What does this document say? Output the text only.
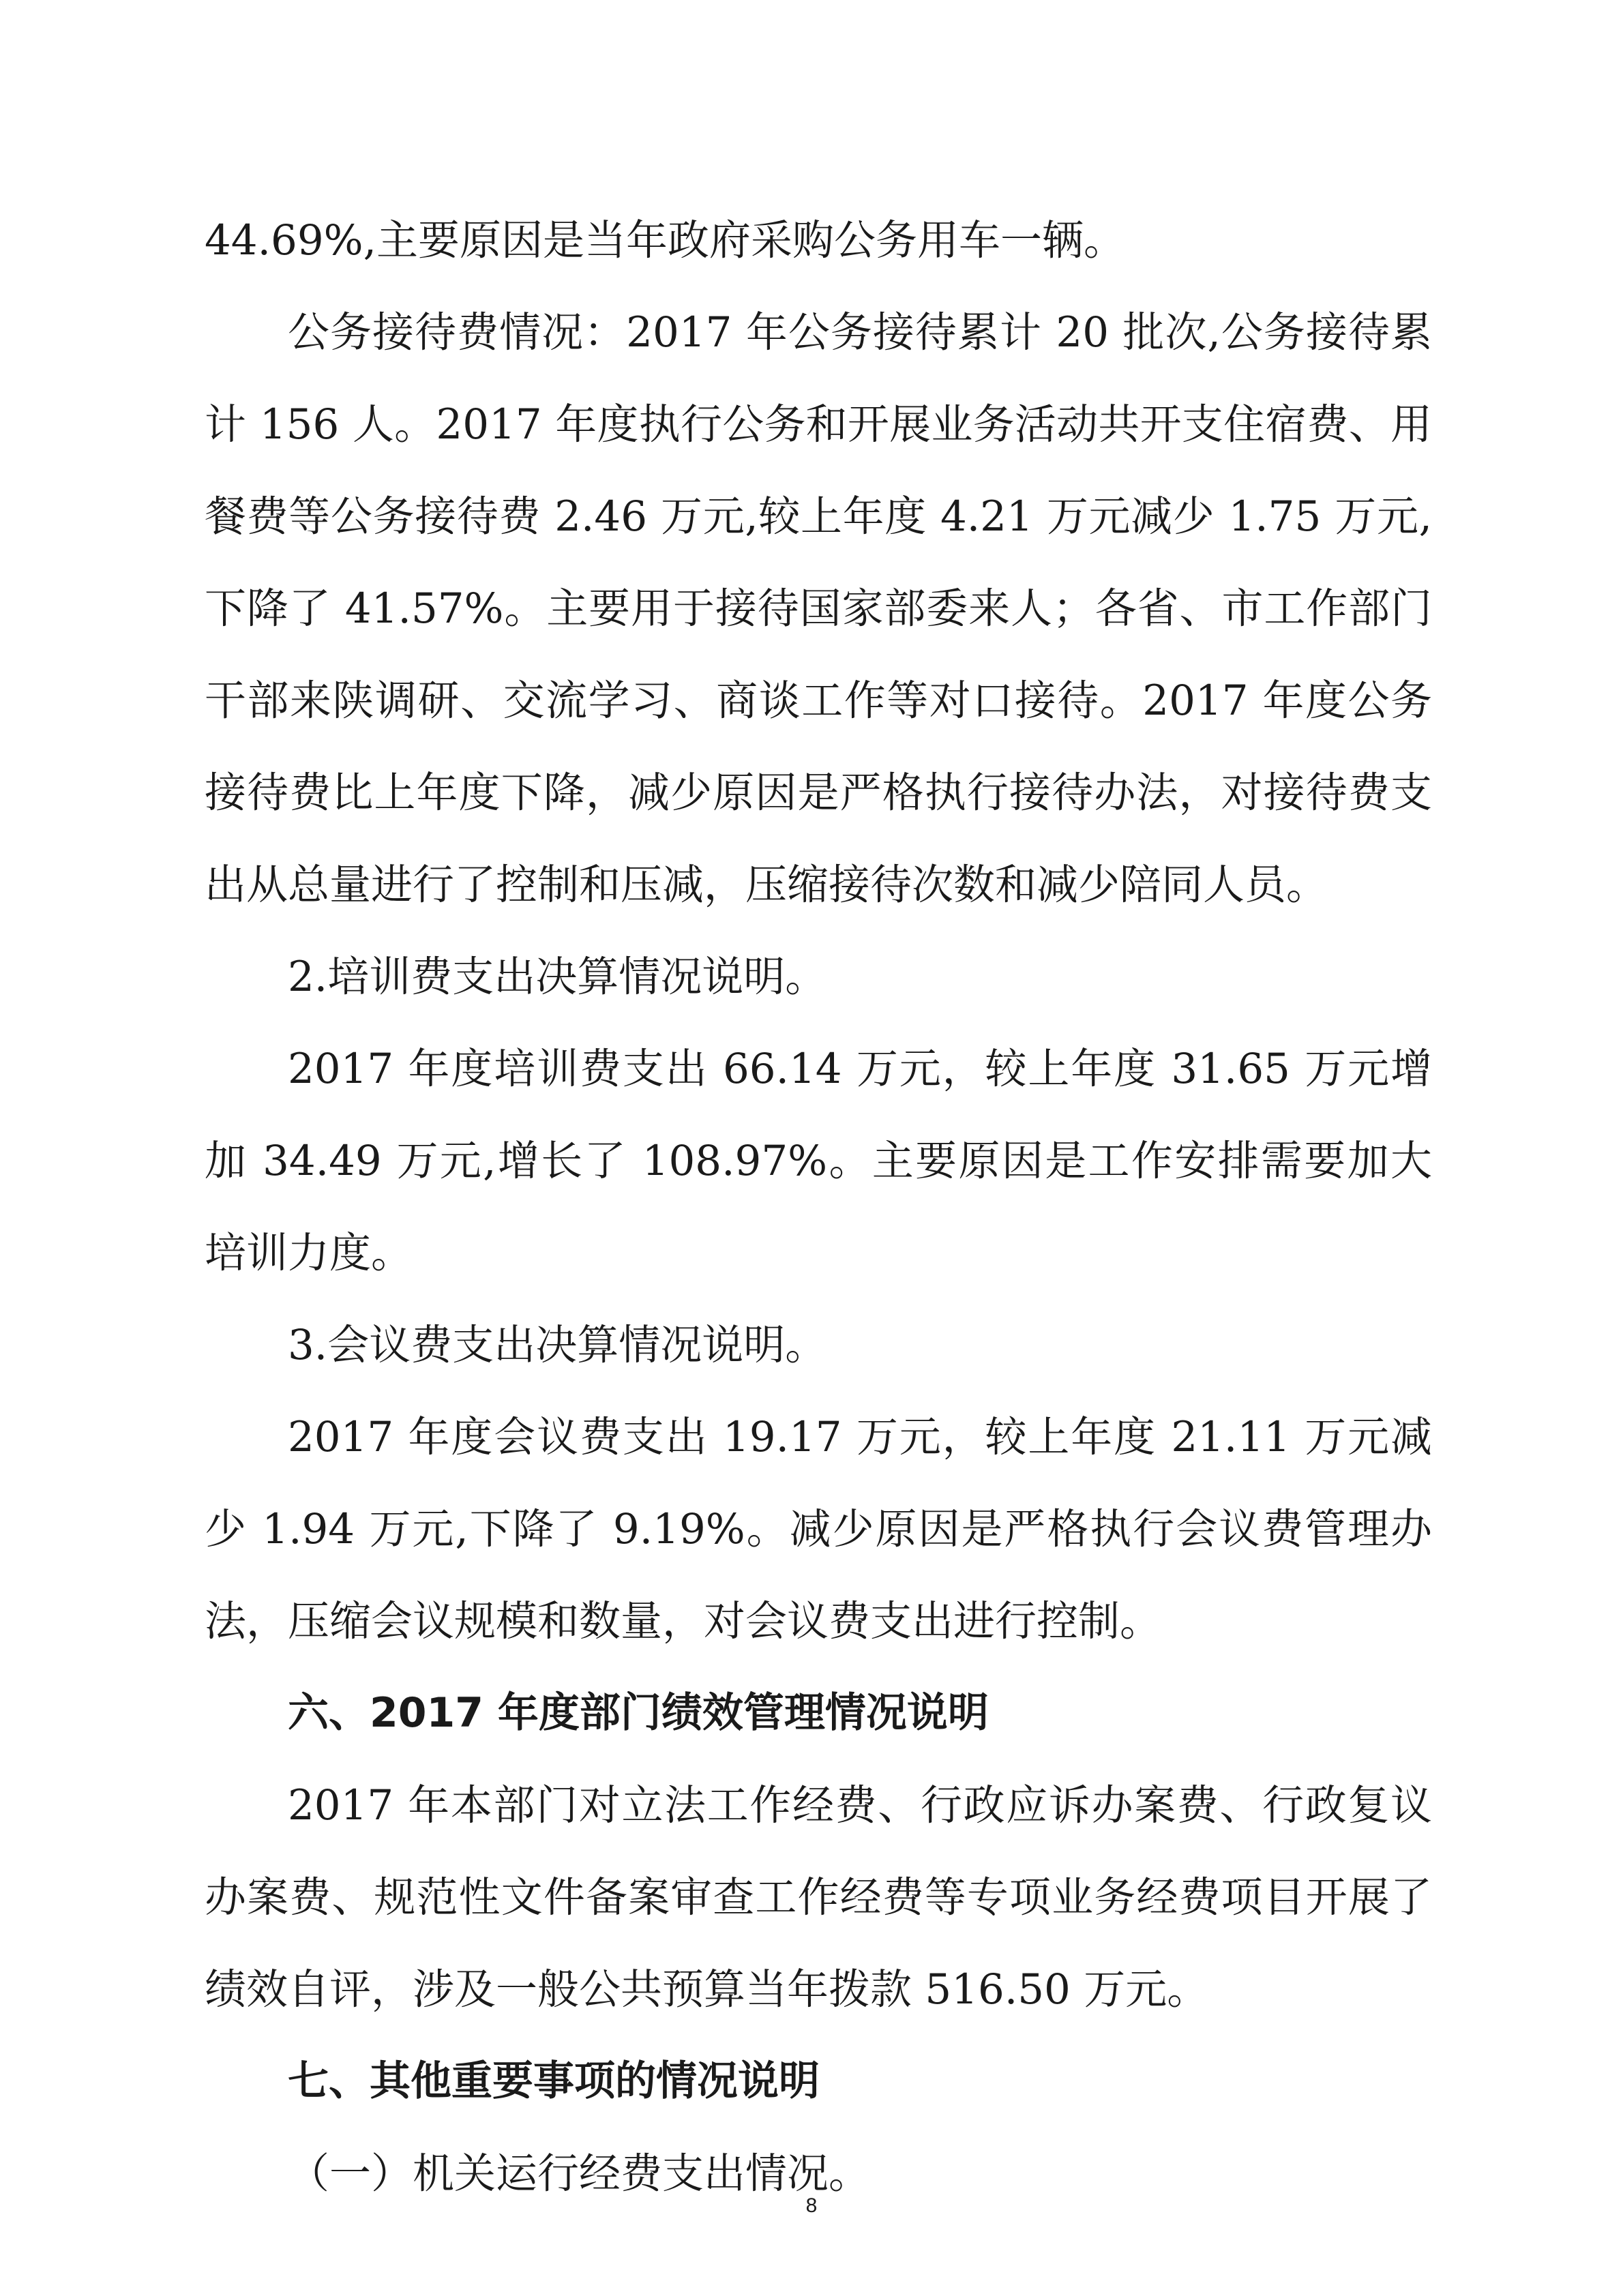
44.69%,主要原因是当年政府采购公务用车一辆。

公务接待费情况：2017 年公务接待累计 20 批次,公务接待累计 156 人。2017 年度执行公务和开展业务活动共开支住宿费、用餐费等公务接待费 2.46 万元,较上年度 4.21 万元减少 1.75 万元,下降了 41.57%。主要用于接待国家部委来人；各省、市工作部门干部来陕调研、交流学习、商谈工作等对口接待。2017 年度公务接待费比上年度下降，减少原因是严格执行接待办法，对接待费支出从总量进行了控制和压减，压缩接待次数和减少陪同人员。

2.培训费支出决算情况说明。

2017 年度培训费支出 66.14 万元，较上年度 31.65 万元增加 34.49 万元,增长了 108.97%。主要原因是工作安排需要加大培训力度。

3.会议费支出决算情况说明。

2017 年度会议费支出 19.17 万元，较上年度 21.11 万元减少 1.94 万元,下降了 9.19%。减少原因是严格执行会议费管理办法，压缩会议规模和数量，对会议费支出进行控制。

六、2017 年度部门绩效管理情况说明

2017 年本部门对立法工作经费、行政应诉办案费、行政复议办案费、规范性文件备案审查工作经费等专项业务经费项目开展了绩效自评，涉及一般公共预算当年拨款 516.50 万元。

七、其他重要事项的情况说明

（一）机关运行经费支出情况。

8
